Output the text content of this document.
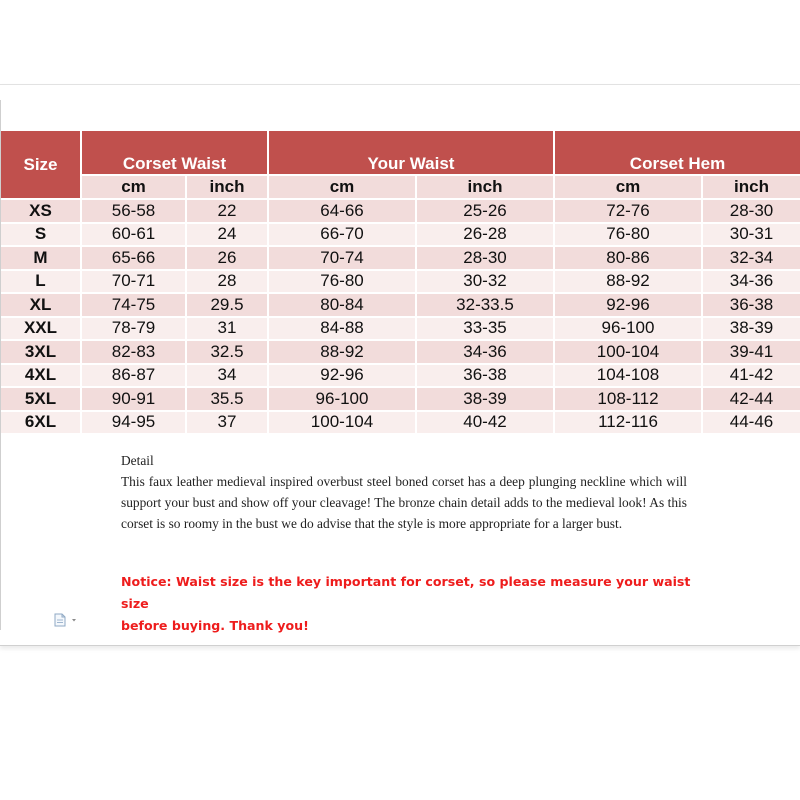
Size	Corset Waist		Your Waist		Corset Hem	
	cm	inch	cm	inch	cm	inch
XS	56-58	22	64-66	25-26	72-76	28-30
S	60-61	24	66-70	26-28	76-80	30-31
M	65-66	26	70-74	28-30	80-86	32-34
L	70-71	28	76-80	30-32	88-92	34-36
XL	74-75	29.5	80-84	32-33.5	92-96	36-38
XXL	78-79	31	84-88	33-35	96-100	38-39
3XL	82-83	32.5	88-92	34-36	100-104	39-41
4XL	86-87	34	92-96	36-38	104-108	41-42
5XL	90-91	35.5	96-100	38-39	108-112	42-44
6XL	94-95	37	100-104	40-42	112-116	44-46

Detail

This faux leather medieval inspired overbust steel boned corset has a deep plunging neckline which will support your bust and show off your cleavage! The bronze chain detail adds to the medieval look! As this corset is so roomy in the bust we do advise that the style is more appropriate for a larger bust.

Notice: Waist size is the key important for corset, so please measure your waist size
before buying. Thank you!
